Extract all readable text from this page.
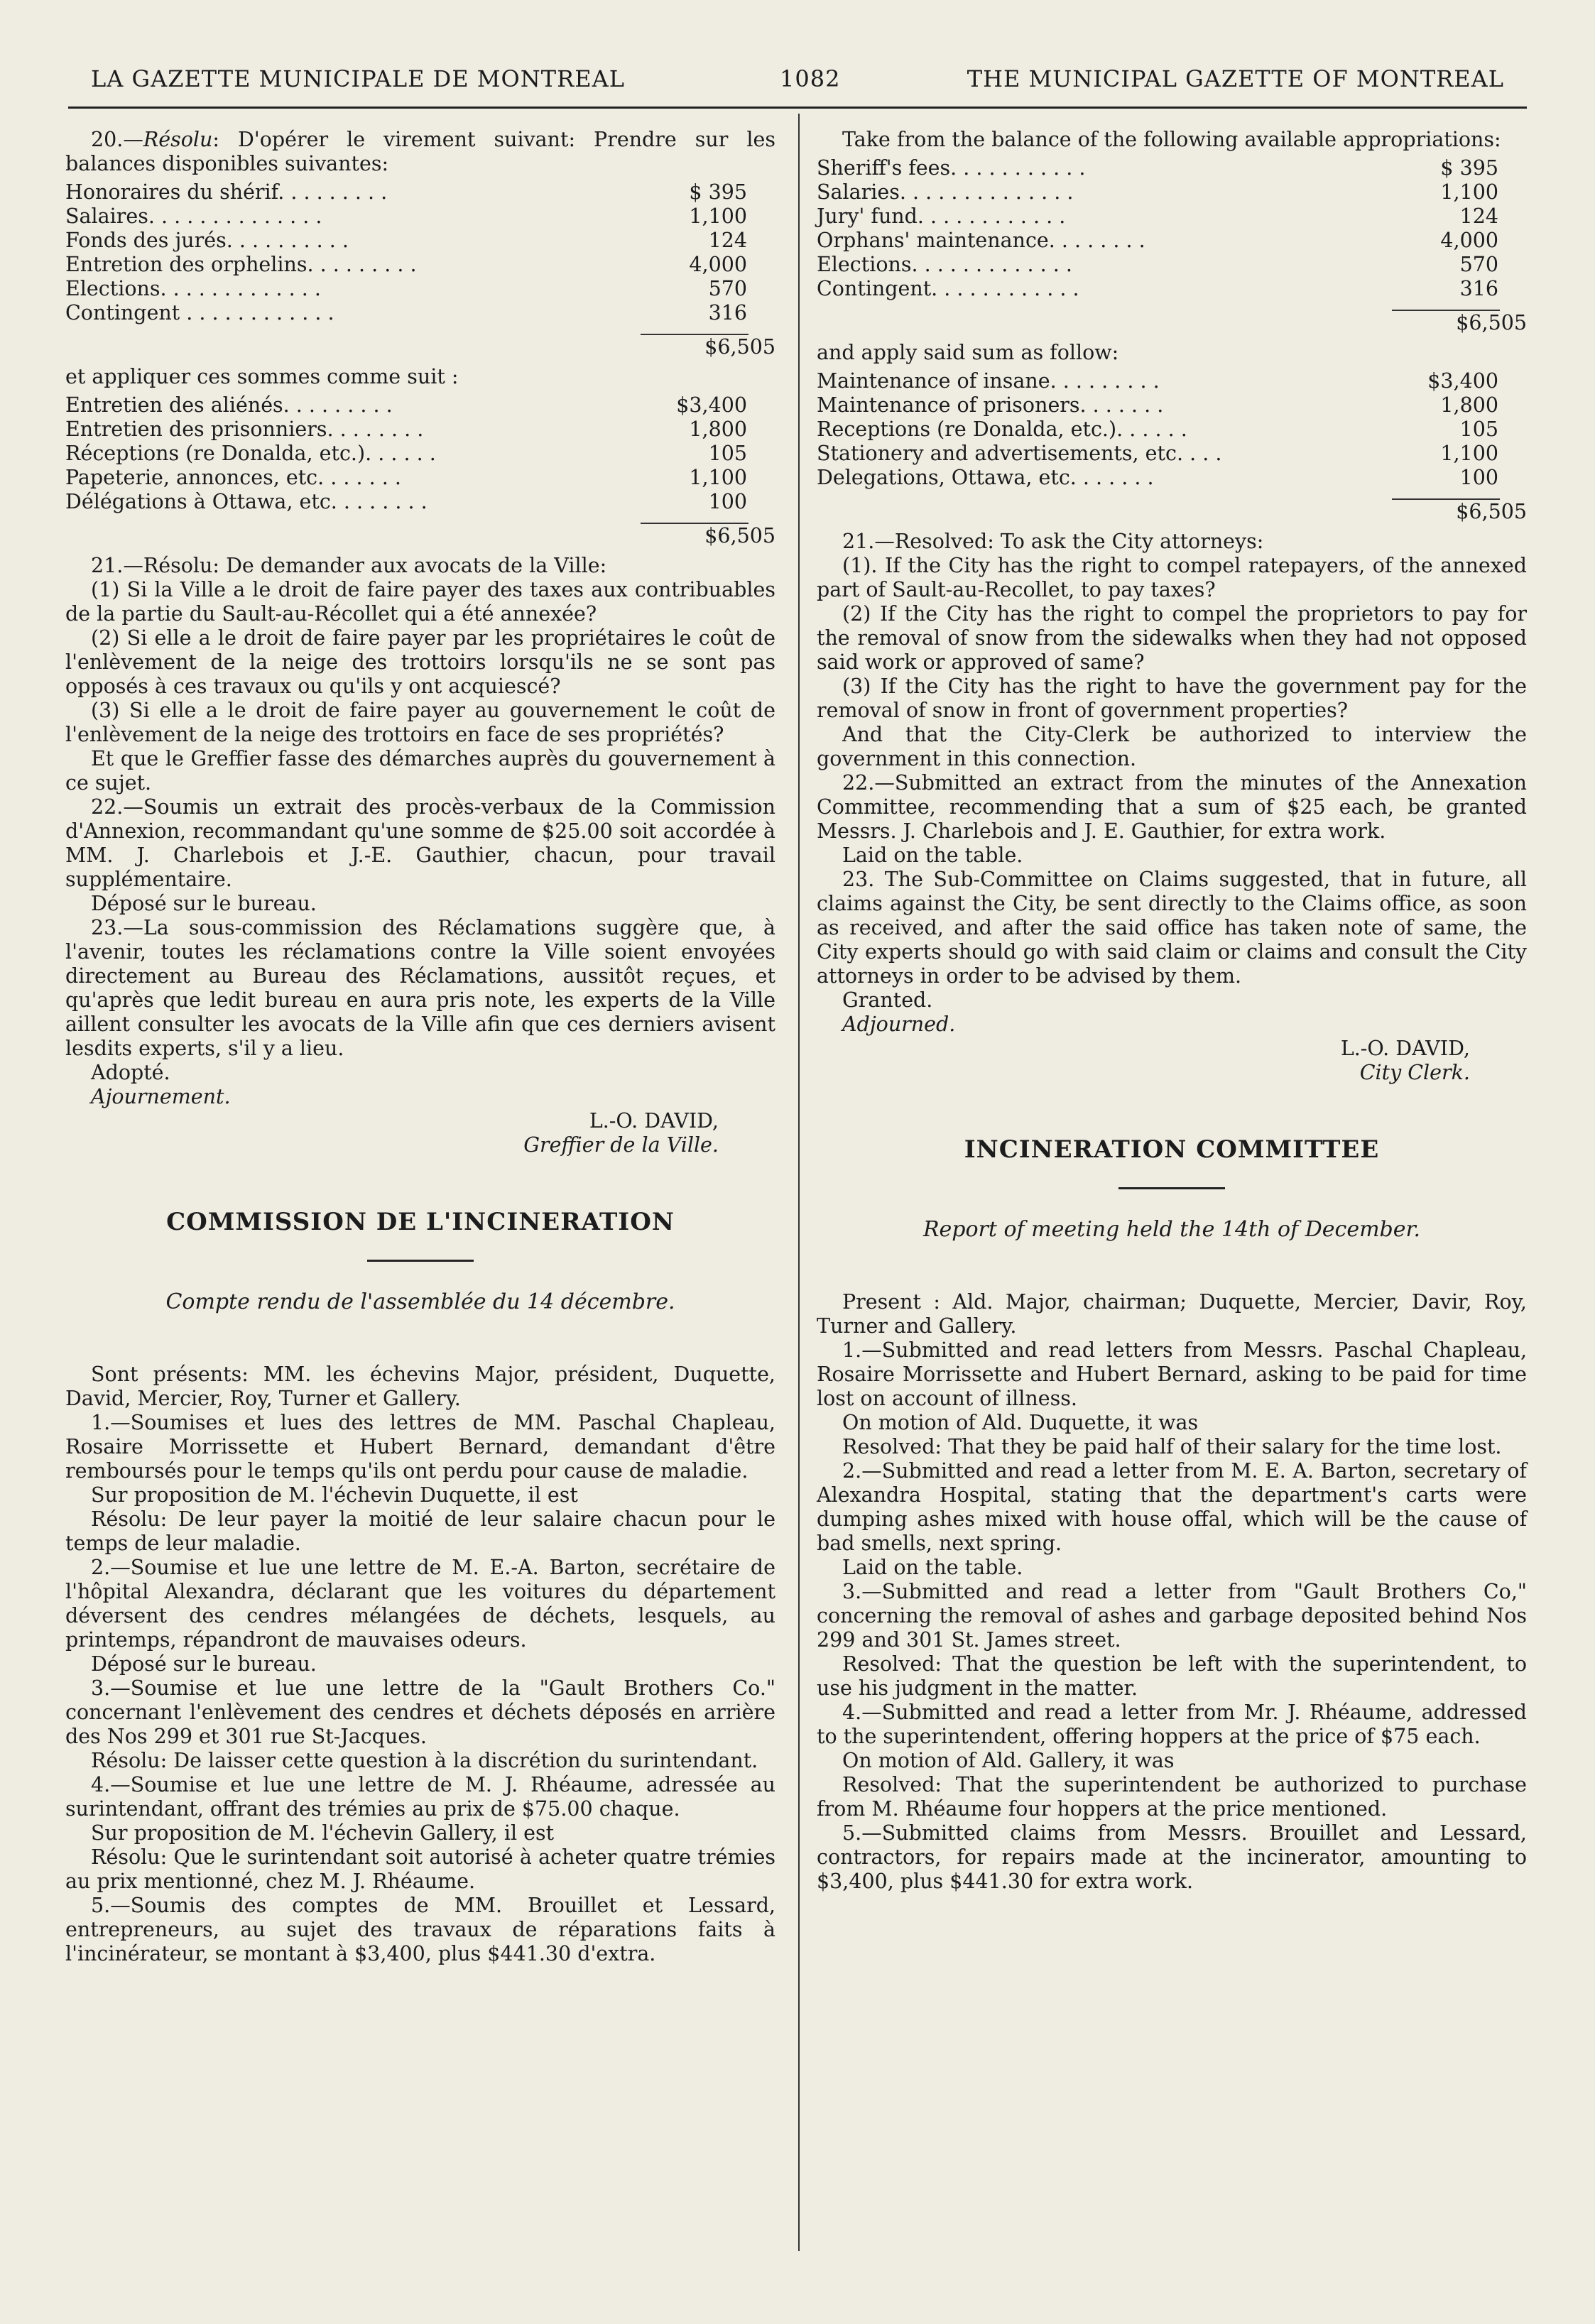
LA GAZETTE MUNICIPALE DE MONTREAL	1082	THE MUNICIPAL GAZETTE OF MONTREAL

20.—Résolu: D'opérer le virement suivant: Prendre sur les balances disponibles suivantes:

Honoraires du shérif. . . . . . . . .	$ 395
Salaires. . . . . . . . . . . . . .	1,100
Fonds des jurés. . . . . . . . . .	124
Entretion des orphelins. . . . . . . . .	4,000
Elections. . . . . . . . . . . . .	570
Contingent . . . . . . . . . . . .	316
$6,505

et appliquer ces sommes comme suit :

Entretien des aliénés. . . . . . . . .	$3,400
Entretien des prisonniers. . . . . . . .	1,800
Réceptions (re Donalda, etc.). . . . . .	105
Papeterie, annonces, etc. . . . . . .	1,100
Délégations à Ottawa, etc. . . . . . . .	100
$6,505

21.—Résolu: De demander aux avocats de la Ville:

(1) Si la Ville a le droit de faire payer des taxes aux contribuables de la partie du Sault-au-Récollet qui a été annexée?

(2) Si elle a le droit de faire payer par les propriétaires le coût de l'enlèvement de la neige des trottoirs lorsqu'ils ne se sont pas opposés à ces travaux ou qu'ils y ont acquiescé?

(3) Si elle a le droit de faire payer au gouvernement le coût de l'enlèvement de la neige des trottoirs en face de ses propriétés?

Et que le Greffier fasse des démarches auprès du gouvernement à ce sujet.

22.—Soumis un extrait des procès-verbaux de la Commission d'Annexion, recommandant qu'une somme de $25.00 soit accordée à MM. J. Charlebois et J.-E. Gauthier, chacun, pour travail supplémentaire.

Déposé sur le bureau.

23.—La sous-commission des Réclamations suggère que, à l'avenir, toutes les réclamations contre la Ville soient envoyées directement au Bureau des Réclamations, aussitôt reçues, et qu'après que ledit bureau en aura pris note, les experts de la Ville aillent consulter les avocats de la Ville afin que ces derniers avisent lesdits experts, s'il y a lieu.

Adopté.

Ajournement.

L.-O. DAVID,

Greffier de la Ville.

COMMISSION DE L'INCINERATION
Compte rendu de l'assemblée du 14 décembre.

Sont présents: MM. les échevins Major, président, Duquette, David, Mercier, Roy, Turner et Gallery.

1.—Soumises et lues des lettres de MM. Paschal Chapleau, Rosaire Morrissette et Hubert Bernard, demandant d'être remboursés pour le temps qu'ils ont perdu pour cause de maladie.

Sur proposition de M. l'échevin Duquette, il est

Résolu: De leur payer la moitié de leur salaire chacun pour le temps de leur maladie.

2.—Soumise et lue une lettre de M. E.-A. Barton, secrétaire de l'hôpital Alexandra, déclarant que les voitures du département déversent des cendres mélangées de déchets, lesquels, au printemps, répandront de mauvaises odeurs.

Déposé sur le bureau.

3.—Soumise et lue une lettre de la "Gault Brothers Co." concernant l'enlèvement des cendres et déchets déposés en arrière des Nos 299 et 301 rue St-Jacques.

Résolu: De laisser cette question à la discrétion du surintendant.

4.—Soumise et lue une lettre de M. J. Rhéaume, adressée au surintendant, offrant des trémies au prix de $75.00 chaque.

Sur proposition de M. l'échevin Gallery, il est

Résolu: Que le surintendant soit autorisé à acheter quatre trémies au prix mentionné, chez M. J. Rhéaume.

5.—Soumis des comptes de MM. Brouillet et Lessard, entrepreneurs, au sujet des travaux de réparations faits à l'incinérateur, se montant à $3,400, plus $441.30 d'extra.

Take from the balance of the following available appropriations:

Sheriff's fees. . . . . . . . . . .	$ 395
Salaries. . . . . . . . . . . . . .	1,100
Jury' fund. . . . . . . . . . . .	124
Orphans' maintenance. . . . . . . .	4,000
Elections. . . . . . . . . . . . .	570
Contingent. . . . . . . . . . . .	316
$6,505

and apply said sum as follow:

Maintenance of insane. . . . . . . . .	$3,400
Maintenance of prisoners. . . . . . .	1,800
Receptions (re Donalda, etc.). . . . . .	105
Stationery and advertisements, etc. . . .	1,100
Delegations, Ottawa, etc. . . . . . .	100
$6,505

21.—Resolved: To ask the City attorneys:

(1). If the City has the right to compel ratepayers, of the annexed part of Sault-au-Recollet, to pay taxes?

(2) If the City has the right to compel the proprietors to pay for the removal of snow from the sidewalks when they had not opposed said work or approved of same?

(3) If the City has the right to have the government pay for the removal of snow in front of government properties?

And that the City-Clerk be authorized to interview the government in this connection.

22.—Submitted an extract from the minutes of the Annexation Committee, recommending that a sum of $25 each, be granted Messrs. J. Charlebois and J. E. Gauthier, for extra work.

Laid on the table.

23. The Sub-Committee on Claims suggested, that in future, all claims against the City, be sent directly to the Claims office, as soon as received, and after the said office has taken note of same, the City experts should go with said claim or claims and consult the City attorneys in order to be advised by them.

Granted.

Adjourned.

L.-O. DAVID,

City Clerk.

INCINERATION COMMITTEE
Report of meeting held the 14th of December.

Present : Ald. Major, chairman; Duquette, Mercier, Davir, Roy, Turner and Gallery.

1.—Submitted and read letters from Messrs. Paschal Chapleau, Rosaire Morrissette and Hubert Bernard, asking to be paid for time lost on account of illness.

On motion of Ald. Duquette, it was

Resolved: That they be paid half of their salary for the time lost.

2.—Submitted and read a letter from M. E. A. Barton, secretary of Alexandra Hospital, stating that the department's carts were dumping ashes mixed with house offal, which will be the cause of bad smells, next spring.

Laid on the table.

3.—Submitted and read a letter from "Gault Brothers Co," concerning the removal of ashes and garbage deposited behind Nos 299 and 301 St. James street.

Resolved: That the question be left with the superintendent, to use his judgment in the matter.

4.—Submitted and read a letter from Mr. J. Rhéaume, addressed to the superintendent, offering hoppers at the price of $75 each.

On motion of Ald. Gallery, it was

Resolved: That the superintendent be authorized to purchase from M. Rhéaume four hoppers at the price mentioned.

5.—Submitted claims from Messrs. Brouillet and Lessard, contractors, for repairs made at the incinerator, amounting to $3,400, plus $441.30 for extra work.
